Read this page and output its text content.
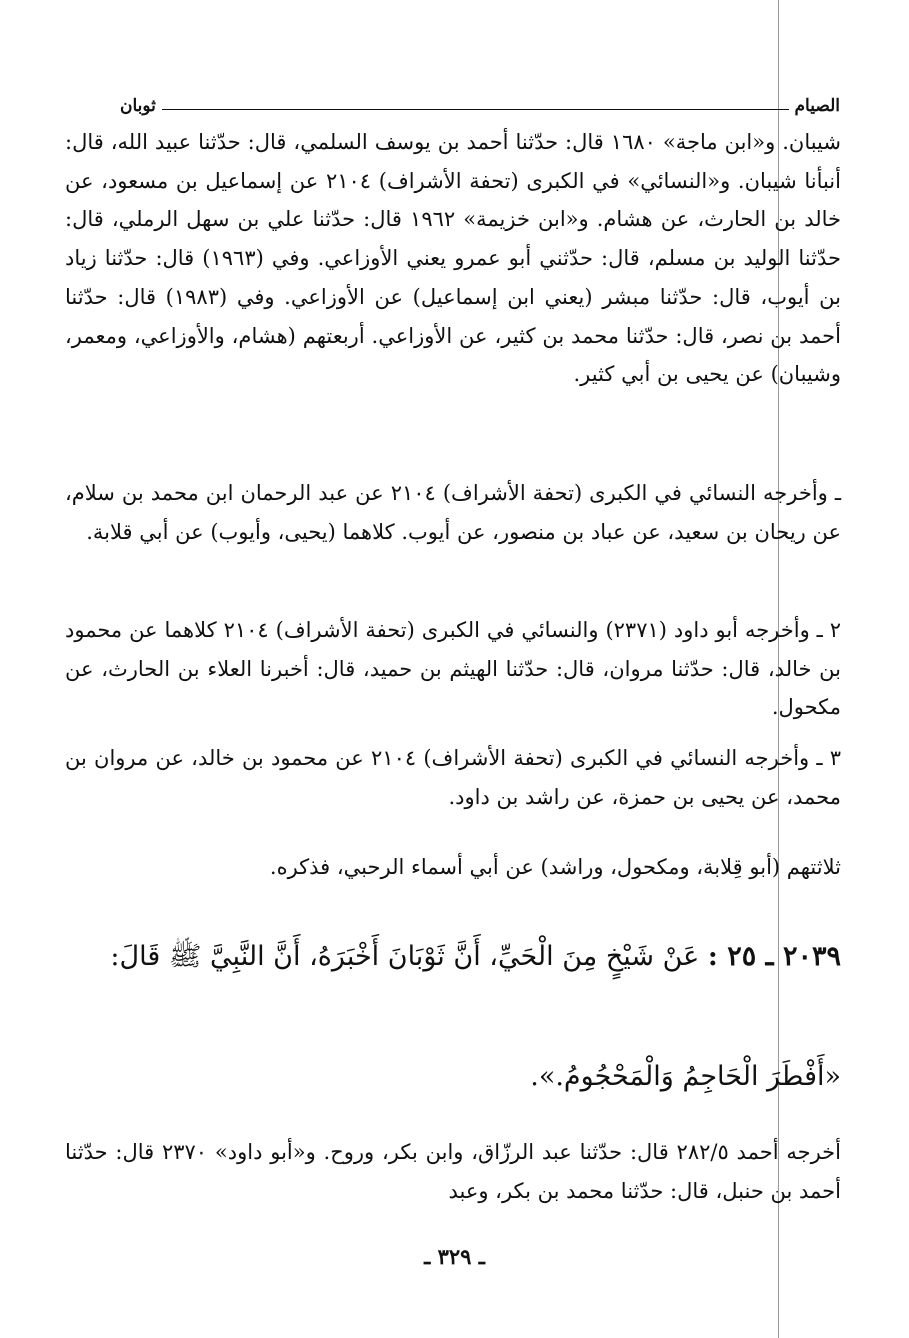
الصيام
ثوبان

شيبان. و«ابن ماجة» ١٦٨٠ قال: حدّثنا أحمد بن يوسف السلمي، قال: حدّثنا عبيد الله، قال: أنبأنا شيبان. و«النسائي» في الكبرى (تحفة الأشراف) ٢١٠٤ عن إسماعيل بن مسعود، عن خالد بن الحارث، عن هشام. و«ابن خزيمة» ١٩٦٢ قال: حدّثنا علي بن سهل الرملي، قال: حدّثنا الوليد بن مسلم، قال: حدّثني أبو عمرو يعني الأوزاعي. وفي (١٩٦٣) قال: حدّثنا زياد بن أيوب، قال: حدّثنا مبشر (يعني ابن إسماعيل) عن الأوزاعي. وفي (١٩٨٣) قال: حدّثنا أحمد بن نصر، قال: حدّثنا محمد بن كثير، عن الأوزاعي. أربعتهم (هشام، والأوزاعي، ومعمر، وشيبان) عن يحيى بن أبي كثير.

ـ وأخرجه النسائي في الكبرى (تحفة الأشراف) ٢١٠٤ عن عبد الرحمان ابن محمد بن سلام، عن ريحان بن سعيد، عن عباد بن منصور، عن أيوب. كلاهما (يحيى، وأيوب) عن أبي قلابة.

٢ ـ وأخرجه أبو داود (٢٣٧١) والنسائي في الكبرى (تحفة الأشراف) ٢١٠٤ كلاهما عن محمود بن خالد، قال: حدّثنا مروان، قال: حدّثنا الهيثم بن حميد، قال: أخبرنا العلاء بن الحارث، عن مكحول.

٣ ـ وأخرجه النسائي في الكبرى (تحفة الأشراف) ٢١٠٤ عن محمود بن خالد، عن مروان بن محمد، عن يحيى بن حمزة، عن راشد بن داود.

ثلاثتهم (أبو قِلابة، ومكحول، وراشد) عن أبي أسماء الرحبي، فذكره.

٢٠٣٩ ـ ٢٥ : عَنْ شَيْخٍ مِنَ الْحَيِّ، أَنَّ ثَوْبَانَ أَخْبَرَهُ، أَنَّ النَّبِيَّ ﷺ قَالَ:
«أَفْطَرَ الْحَاجِمُ وَالْمَحْجُومُ.».

أخرجه أحمد ٢٨٢/٥ قال: حدّثنا عبد الرزّاق، وابن بكر، وروح. و«أبو داود» ٢٣٧٠ قال: حدّثنا أحمد بن حنبل، قال: حدّثنا محمد بن بكر، وعبد

ـ ٣٢٩ ـ
